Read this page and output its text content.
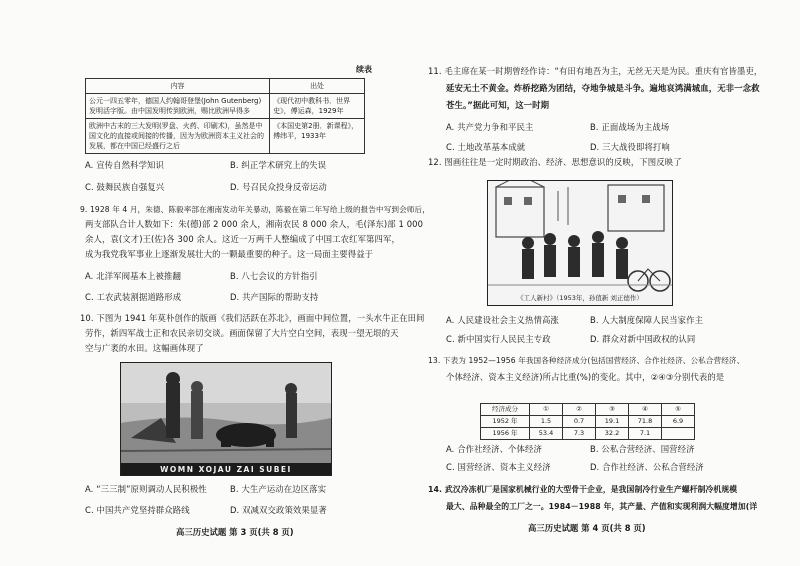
续表
内容	出处
公元一四五零年，德国人约翰哥登堡(John Gutenberg)发明活字版。由中国发明传到欧洲，赐比欧洲早得多	《现代初中教科书．世界史》，傅运森，1929年
欧洲中古末的三大发明(罗盘、火药、印刷术)，虽然是中国文化的直接或间接的传播，因为为欧洲资本主义社会的发展，都在中国已经盛行之后	《本国史第2册．新课程》，傅纬平，1933年
A. 宣传自然科学知识	B. 纠正学术研究上的失误
C. 鼓舞民族自强复兴	D. 号召民众投身反帝运动
9. 1928 年 4 月，朱德、陈毅率部在湘南发动年关暴动，陈毅在第二年写给上级的报告中写到会师后，
两支部队合计人数如下：朱(德)部 2 000 余人，湘南农民 8 000 余人，毛(泽东)部 1 000
余人，袁(文才)王(佐)各 300 余人。这近一万两千人整编成了中国工农红军第四军，
成为我党我军事业上逐渐发展壮大的一颗最重要的种子。这一局面主要得益于
A. 北洋军阀基本上被推翻	B. 八七会议的方针指引
C. 工农武装割据道路形成	D. 共产国际的帮助支持
10. 下图为 1941 年莫朴创作的版画《我们活跃在苏北》，画面中间位置，一头水牛正在田间
劳作，新四军战士正和农民亲切交谈。画面保留了大片空白空间，表现一望无垠的天
空与广袤的水田。这幅画体现了
WOMN XOJAU ZAI SUBEI
A. “三三制”原则调动人民积极性	B. 大生产运动在边区落实
C. 中国共产党坚持群众路线	D. 双减双交政策效果显著
高三历史试题 第 3 页(共 8 页)
11. 毛主席在某一时期曾经作诗：“有田有地吾为主，无丝无天是为民。重庆有官皆墨吏，
延安无土不黄金。炸桥挖路为团结，夺地争城是斗争。遍地哀鸿满城血，无非一念救
苍生。”据此可知，这一时期
A. 共产党力争和平民主	B. 正面战场为主战场
C. 土地改革基本成就	D. 三大战役即将打响
12. 图画往往是一定时期政治、经济、思想意识的反映，下图反映了
《工人新村》（1953年，孙值新 刘正德作）
A. 人民建设社会主义热情高涨	B. 人大制度保障人民当家作主
C. 新中国实行人民民主专政	D. 群众对新中国政权的认同
13. 下表为 1952—1956 年我国各种经济成分(包括国营经济、合作社经济、公私合营经济、
个体经济、资本主义经济)所占比重(%)的变化。其中，②④③分别代表的是
经济成分	①	②	③	④	⑤
1952 年	1.5	0.7	19.1	71.8	6.9
1956 年	53.4	7.3	32.2	7.1	
A. 合作社经济、个体经济	B. 公私合营经济、国营经济
C. 国营经济、资本主义经济	D. 合作社经济、公私合营经济
14. 武汉冷冻机厂是国家机械行业的大型骨干企业，是我国制冷行业生产螺杆制冷机规模
最大、品种最全的工厂之一。1984－1988 年，其产量、产值和实现利润大幅度增加(详
高三历史试题 第 4 页(共 8 页)
